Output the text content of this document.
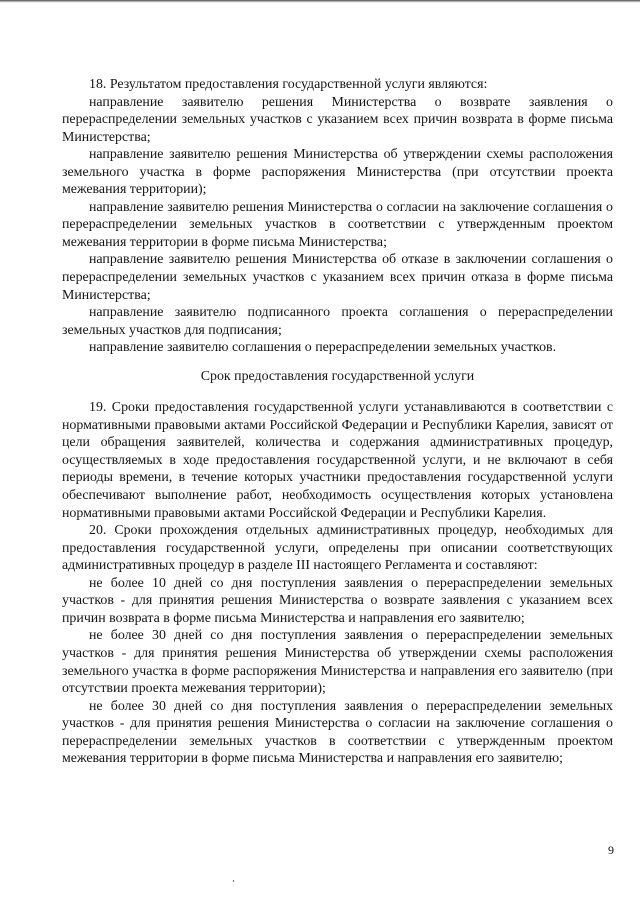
18. Результатом предоставления государственной услуги являются:

направление заявителю решения Министерства о возврате заявления о перераспределении земельных участков с указанием всех причин возврата в форме письма Министерства;

направление заявителю решения Министерства об утверждении схемы расположения земельного участка в форме распоряжения Министерства (при отсутствии проекта межевания территории);

направление заявителю решения Министерства о согласии на заключение соглашения о перераспределении земельных участков в соответствии с утвержденным проектом межевания территории в форме письма Министерства;

направление заявителю решения Министерства об отказе в заключении соглашения о перераспределении земельных участков с указанием всех причин отказа в форме письма Министерства;

направление заявителю подписанного проекта соглашения о перераспределении земельных участков для подписания;

направление заявителю соглашения о перераспределении земельных участков.

Срок предоставления государственной услуги

19. Сроки предоставления государственной услуги устанавливаются в соответствии с нормативными правовыми актами Российской Федерации и Республики Карелия, зависят от цели обращения заявителей, количества и содержания административных процедур, осуществляемых в ходе предоставления государственной услуги, и не включают в себя периоды времени, в течение которых участники предоставления государственной услуги обеспечивают выполнение работ, необходимость осуществления которых установлена нормативными правовыми актами Российской Федерации и Республики Карелия.

20. Сроки прохождения отдельных административных процедур, необходимых для предоставления государственной услуги, определены при описании соответствующих административных процедур в разделе III настоящего Регламента и составляют:

не более 10 дней со дня поступления заявления о перераспределении земельных участков - для принятия решения Министерства о возврате заявления с указанием всех причин возврата в форме письма Министерства и направления его заявителю;

не более 30 дней со дня поступления заявления о перераспределении земельных участков - для принятия решения Министерства об утверждении схемы расположения земельного участка в форме распоряжения Министерства и направления его заявителю (при отсутствии проекта межевания территории);

не более 30 дней со дня поступления заявления о перераспределении земельных участков - для принятия решения Министерства о согласии на заключение соглашения о перераспределении земельных участков в соответствии с утвержденным проектом межевания территории в форме письма Министерства и направления его заявителю;

9
